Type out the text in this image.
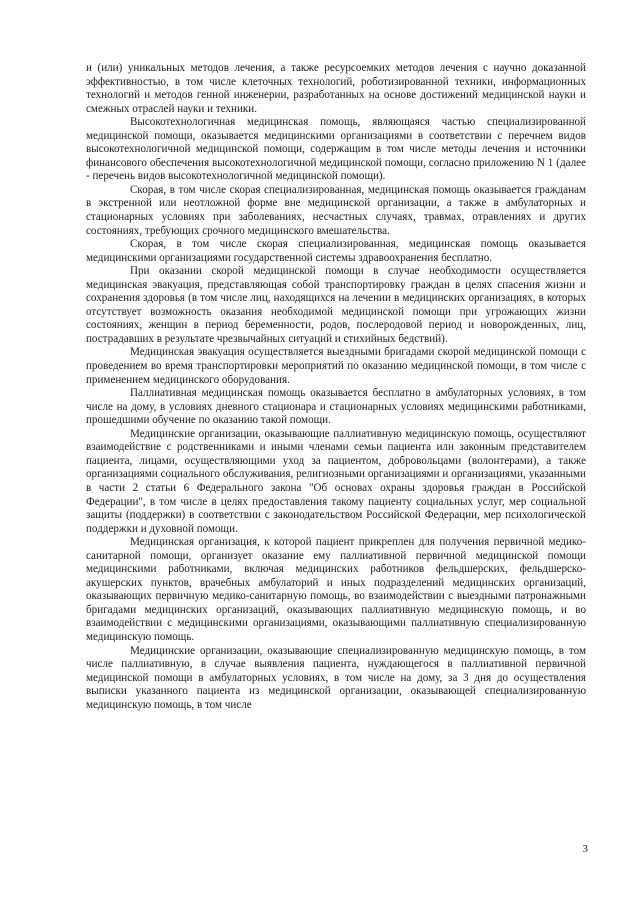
и (или) уникальных методов лечения, а также ресурсоемких методов лечения с научно доказанной эффективностью, в том числе клеточных технологий, роботизированной техники, информационных технологий и методов генной инженерии, разработанных на основе достижений медицинской науки и смежных отраслей науки и техники.

Высокотехнологичная медицинская помощь, являющаяся частью специализированной медицинской помощи, оказывается медицинскими организациями в соответствии с перечнем видов высокотехнологичной медицинской помощи, содержащим в том числе методы лечения и источники финансового обеспечения высокотехнологичной медицинской помощи, согласно приложению N 1 (далее - перечень видов высокотехнологичной медицинской помощи).

Скорая, в том числе скорая специализированная, медицинская помощь оказывается гражданам в экстренной или неотложной форме вне медицинской организации, а также в амбулаторных и стационарных условиях при заболеваниях, несчастных случаях, травмах, отравлениях и других состояниях, требующих срочного медицинского вмешательства.

Скорая, в том числе скорая специализированная, медицинская помощь оказывается медицинскими организациями государственной системы здравоохранения бесплатно.

При оказании скорой медицинской помощи в случае необходимости осуществляется медицинская эвакуация, представляющая собой транспортировку граждан в целях спасения жизни и сохранения здоровья (в том числе лиц, находящихся на лечении в медицинских организациях, в которых отсутствует возможность оказания необходимой медицинской помощи при угрожающих жизни состояниях, женщин в период беременности, родов, послеродовой период и новорожденных, лиц, пострадавших в результате чрезвычайных ситуаций и стихийных бедствий).

Медицинская эвакуация осуществляется выездными бригадами скорой медицинской помощи с проведением во время транспортировки мероприятий по оказанию медицинской помощи, в том числе с применением медицинского оборудования.

Паллиативная медицинская помощь оказывается бесплатно в амбулаторных условиях, в том числе на дому, в условиях дневного стационара и стационарных условиях медицинскими работниками, прошедшими обучение по оказанию такой помощи.

Медицинские организации, оказывающие паллиативную медицинскую помощь, осуществляют взаимодействие с родственниками и иными членами семьи пациента или законным представителем пациента, лицами, осуществляющими уход за пациентом, добровольцами (волонтерами), а также организациями социального обслуживания, религиозными организациями и организациями, указанными в части 2 статьи 6 Федерального закона "Об основах охраны здоровья граждан в Российской Федерации", в том числе в целях предоставления такому пациенту социальных услуг, мер социальной защиты (поддержки) в соответствии с законодательством Российской Федерации, мер психологической поддержки и духовной помощи.

Медицинская организация, к которой пациент прикреплен для получения первичной медико-санитарной помощи, организует оказание ему паллиативной первичной медицинской помощи медицинскими работниками, включая медицинских работников фельдшерских, фельдшерско-акушерских пунктов, врачебных амбулаторий и иных подразделений медицинских организаций, оказывающих первичную медико-санитарную помощь, во взаимодействии с выездными патронажными бригадами медицинских организаций, оказывающих паллиативную медицинскую помощь, и во взаимодействии с медицинскими организациями, оказывающими паллиативную специализированную медицинскую помощь.

Медицинские организации, оказывающие специализированную медицинскую помощь, в том числе паллиативную, в случае выявления пациента, нуждающегося в паллиативной первичной медицинской помощи в амбулаторных условиях, в том числе на дому, за 3 дня до осуществления выписки указанного пациента из медицинской организации, оказывающей специализированную медицинскую помощь, в том числе

3
